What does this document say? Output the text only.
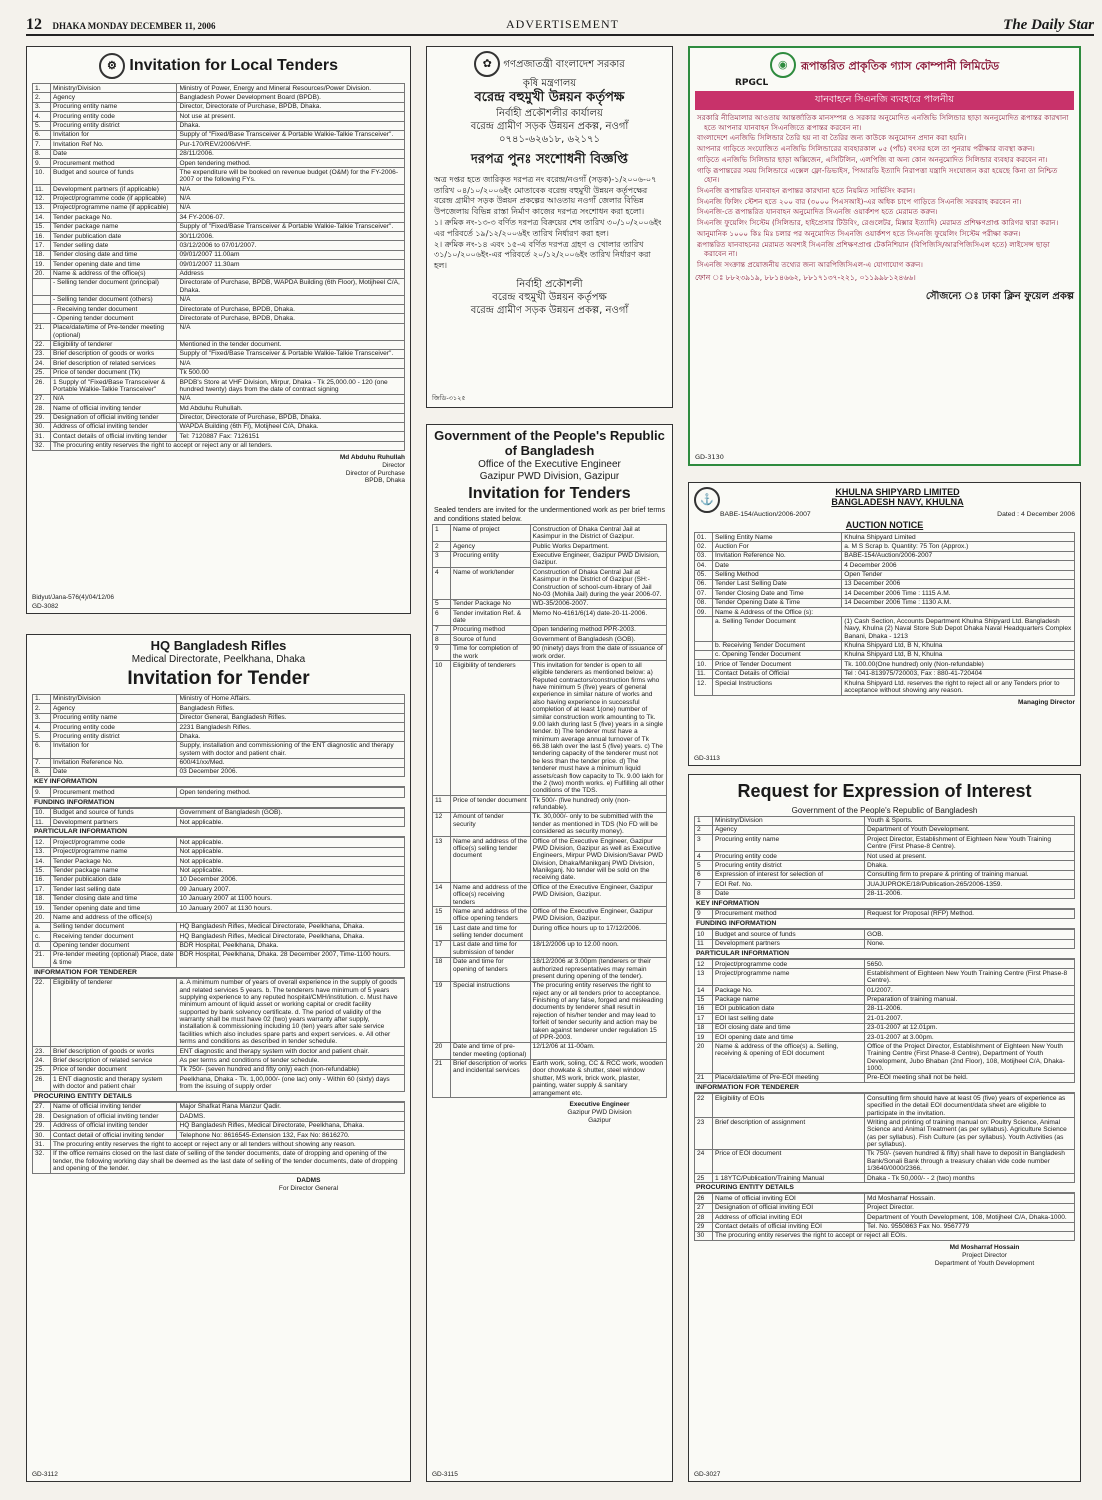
12 DHAKA MONDAY DECEMBER 11, 2006	ADVERTISEMENT	The Daily Star
⚙ Invitation for Local Tenders
1.	Ministry/Division	Ministry of Power, Energy and Mineral Resources/Power Division.
2.	Agency	Bangladesh Power Development Board (BPDB).
3.	Procuring entity name	Director, Directorate of Purchase, BPDB, Dhaka.
4.	Procuring entity code	Not use at present.
5.	Procuring entity district	Dhaka.
6.	Invitation for	Supply of "Fixed/Base Transceiver & Portable Walkie-Talkie Transceiver".
7.	Invitation Ref No.	Pur-170/REV/2006/VHF.
8.	Date	28/11/2006.
9.	Procurement method	Open tendering method.
10.	Budget and source of funds	The expenditure will be booked on revenue budget (O&M) for the FY-2006-2007 or the following FYs.
11.	Development partners (if applicable)	N/A
12.	Project/programme code (if applicable)	N/A
13.	Project/programme name (if applicable)	N/A
14.	Tender package No.	34 FY-2006-07.
15.	Tender package name	Supply of "Fixed/Base Transceiver & Portable Walkie-Talkie Transceiver".
16.	Tender publication date	30/11/2006.
17.	Tender selling date	03/12/2006 to 07/01/2007.
18.	Tender closing date and time	09/01/2007 11.00am
19.	Tender opening date and time	09/01/2007 11.30am
20.	Name & address of the office(s)	Address
	- Selling tender document (principal)	Directorate of Purchase, BPDB, WAPDA Building (6th Floor), Motijheel C/A, Dhaka.
	- Selling tender document (others)	N/A
	- Receiving tender document	Directorate of Purchase, BPDB, Dhaka.
	- Opening tender document	Directorate of Purchase, BPDB, Dhaka.
21.	Place/date/time of Pre-tender meeting (optional)	N/A
22.	Eligibility of tenderer	Mentioned in the tender document.
23.	Brief description of goods or works	Supply of "Fixed/Base Transceiver & Portable Walkie-Talkie Transceiver".
24.	Brief description of related services	N/A
25.	Price of tender document (Tk)	Tk 500.00
26.	1 Supply of "Fixed/Base Transceiver & Portable Walkie-Talkie Transceiver"	BPDB's Store at VHF Division, Mirpur, Dhaka - Tk 25,000.00 - 120 (one hundred twenty) days from the date of contract signing
27.	N/A	N/A
28.	Name of official inviting tender	Md Abduhu Ruhullah.
29.	Designation of official inviting tender	Director, Directorate of Purchase, BPDB, Dhaka.
30.	Address of official inviting tender	WAPDA Building (6th Fl), Motijheel C/A, Dhaka.
31.	Contact details of official inviting tender	Tel: 7120887 Fax: 7126151
32.	The procuring entity reserves the right to accept or reject any or all tenders.	
Md Abduhu Ruhullah
Director
Director of Purchase
BPDB, Dhaka
Bidyut/Jana-576(4)/04/12/06
GD-3082
HQ Bangladesh Rifles
Medical Directorate, Peelkhana, Dhaka
Invitation for Tender
1.	Ministry/Division	Ministry of Home Affairs.
2.	Agency	Bangladesh Rifles.
3.	Procuring entity name	Director General, Bangladesh Rifles.
4.	Procuring entity code	2231 Bangladesh Rifles.
5.	Procuring entity district	Dhaka.
6.	Invitation for	Supply, installation and commissioning of the ENT diagnostic and therapy system with doctor and patient chair.
7.	Invitation Reference No.	600/41/xx/Med.
8.	Date	03 December 2006.
KEY INFORMATION
9.	Procurement method	Open tendering method.
FUNDING INFORMATION
10.	Budget and source of funds	Government of Bangladesh (GOB).
11.	Development partners	Not applicable.
PARTICULAR INFORMATION
12.	Project/programme code	Not applicable.
13.	Project/programme name	Not applicable.
14.	Tender Package No.	Not applicable.
15.	Tender package name	Not applicable.
16.	Tender publication date	10 December 2006.
17.	Tender last selling date	09 January 2007.
18.	Tender closing date and time	10 January 2007 at 1100 hours.
19.	Tender opening date and time	10 January 2007 at 1130 hours.
20.	Name and address of the office(s)	
a.	Selling tender document	HQ Bangladesh Rifles, Medical Directorate, Peelkhana, Dhaka.
c.	Receiving tender document	HQ Bangladesh Rifles, Medical Directorate, Peelkhana, Dhaka.
d.	Opening tender document	BDR Hospital, Peelkhana, Dhaka.
21.	Pre-tender meeting (optional) Place, date & time	BDR Hospital, Peelkhana, Dhaka. 28 December 2007, Time-1100 hours.
INFORMATION FOR TENDERER
22.	Eligibility of tenderer	a. A minimum number of years of overall experience in the supply of goods and related services 5 years. b. The tenderers have minimum of 5 years supplying experience to any reputed hospital/CMH/institution. c. Must have minimum amount of liquid asset or working capital or credit facility supported by bank solvency certificate. d. The period of validity of the warranty shall be must have 02 (two) years warranty after supply, installation & commissioning including 10 (ten) years after sale service facilities which also includes spare parts and expert services. e. All other terms and conditions as described in tender schedule.
23.	Brief description of goods or works	ENT diagnostic and therapy system with doctor and patient chair.
24.	Brief description of related service	As per terms and conditions of tender schedule.
25.	Price of tender document	Tk 750/- (seven hundred and fifty only) each (non-refundable)
26.	1 ENT diagnostic and therapy system with doctor and patient chair	Peelkhana, Dhaka - Tk. 1,00,000/- (one lac) only - Within 60 (sixty) days from the issuing of supply order
PROCURING ENTITY DETAILS
27.	Name of official inviting tender	Major Shafkat Rana Manzur Qadir.
28.	Designation of official inviting tender	DADMS.
29.	Address of official inviting tender	HQ Bangladesh Rifles, Medical Directorate, Peelkhana, Dhaka.
30.	Contact detail of official inviting tender	Telephone No: 8616545-Extension 132, Fax No: 8616270.
31.	The procuring entity reserves the right to accept or reject any or all tenders without showing any reason.	
32.	If the office remains closed on the last date of selling of the tender documents, date of dropping and opening of the tender, the following working day shall be deemed as the last date of selling of the tender documents, date of dropping and opening of the tender.	
DADMS
For Director General
GD-3112
✿ গণপ্রজাতন্ত্রী বাংলাদেশ সরকার
কৃষি মন্ত্রণালয়
বরেন্দ্র বহুমুখী উন্নয়ন কর্তৃপক্ষ
নির্বাহী প্রকৌশলীর কার্যালয়
বরেন্দ্র গ্রামীণ সড়ক উন্নয়ন প্রকল্প, নওগাঁ
০৭৪১-৬২৬১৮, ৬২১৭১
দরপত্র পুনঃ সংশোধনী বিজ্ঞপ্তি
অত্র দপ্তর হতে জারিকৃত দরপত্র নং বরেন্দ্র/নওগাঁ (সড়ক)-১/২০০৬-০৭ তারিখ ০৪/১০/২০০৬ইং মোতাবেক বরেন্দ্র বহুমুখী উন্নয়ন কর্তৃপক্ষের বরেন্দ্র গ্রামীণ সড়ক উন্নয়ন প্রকল্পের আওতায় নওগাঁ জেলার বিভিন্ন উপজেলায় বিভিন্ন রাস্তা নির্মাণ কাজের দরপত্র সংশোধন করা হলো।
১। ক্রমিক নং-১৩-৩ বর্ণিত দরপত্র বিক্রয়ের শেষ তারিখ ৩০/১০/২০০৬ইং এর পরিবর্তে ১৯/১২/২০০৬ইং তারিখ নির্ধারণ করা হল।
২। ক্রমিক নং-১৪ এবং ১৫-এ বর্ণিত দরপত্র গ্রহণ ও খোলার তারিখ ৩১/১০/২০০৬ইং-এর পরিবর্তে ২০/১২/২০০৬ইং তারিখ নির্ধারণ করা হল।
নির্বাহী প্রকৌশলী
বরেন্দ্র বহুমুখী উন্নয়ন কর্তৃপক্ষ
বরেন্দ্র গ্রামীণ সড়ক উন্নয়ন প্রকল্প, নওগাঁ
জিডি-৩১২৫
Government of the People's Republic of Bangladesh
Office of the Executive Engineer
Gazipur PWD Division, Gazipur
Invitation for Tenders
Sealed tenders are invited for the undermentioned work as per brief terms and conditions stated below.
1	Name of project	Construction of Dhaka Central Jail at Kasimpur in the District of Gazipur.
2	Agency	Public Works Department.
3	Procuring entity	Executive Engineer, Gazipur PWD Division, Gazipur.
4	Name of work/tender	Construction of Dhaka Central Jail at Kasimpur in the District of Gazipur (SH:- Construction of school-cum-library of Jail No-03 (Mohila Jail) during the year 2006-07.
5	Tender Package No	WD-35/2006-2007.
6	Tender invitation Ref. & date	Memo No-4161/6(14) date-20-11-2006.
7	Procuring method	Open tendering method PPR-2003.
8	Source of fund	Government of Bangladesh (GOB).
9	Time for completion of the work	90 (ninety) days from the date of issuance of work order.
10	Eligibility of tenderers	This invitation for tender is open to all eligible tenderers as mentioned below: a) Reputed contractors/construction firms who have minimum 5 (five) years of general experience in similar nature of works and also having experience in successful completion of at least 1(one) number of similar construction work amounting to Tk. 9.00 lakh during last 5 (five) years in a single tender. b) The tenderer must have a minimum average annual turnover of Tk 66.38 lakh over the last 5 (five) years. c) The tendering capacity of the tenderer must not be less than the tender price. d) The tenderer must have a minimum liquid assets/cash flow capacity to Tk. 9.00 lakh for the 2 (two) month works. e) Fulfilling all other conditions of the TDS.
11	Price of tender document	Tk 500/- (five hundred) only (non-refundable).
12	Amount of tender security	Tk. 30,000/- only to be submitted with the tender as mentioned in TDS (No FD will be considered as security money).
13	Name and address of the office(s) selling tender document	Office of the Executive Engineer, Gazipur PWD Division, Gazipur as well as Executive Engineers, Mirpur PWD Division/Savar PWD Division, Dhaka/Manikganj PWD Division, Manikganj. No tender will be sold on the receiving date.
14	Name and address of the office(s) receiving tenders	Office of the Executive Engineer, Gazipur PWD Division, Gazipur.
15	Name and address of the office opening tenders	Office of the Executive Engineer, Gazipur PWD Division, Gazipur.
16	Last date and time for selling tender document	During office hours up to 17/12/2006.
17	Last date and time for submission of tender	18/12/2006 up to 12.00 noon.
18	Date and time for opening of tenders	18/12/2006 at 3.00pm (tenderers or their authorized representatives may remain present during opening of the tender).
19	Special instructions	The procuring entity reserves the right to reject any or all tenders prior to acceptance. Finishing of any false, forged and misleading documents by tenderer shall result in rejection of his/her tender and may lead to forfeit of tender security and action may be taken against tenderer under regulation 15 of PPR-2003.
20	Date and time of pre-tender meeting (optional)	12/12/06 at 11-00am.
21	Brief description of works and incidental services	Earth work, soling, CC & RCC work, wooden door chowkate & shutter, steel window shutter, MS work, brick work, plaster, painting, water supply & sanitary arrangement etc.
Executive Engineer
Gazipur PWD Division
Gazipur
GD-3115
◉ রূপান্তরিত প্রাকৃতিক গ্যাস কোম্পানী লিমিটেড
RPGCL
যানবাহনে সিএনজি ব্যবহারে পালনীয়
সরকারি নীতিমালার আওতায় আন্তর্জাতিক মানসম্পন্ন ও সরকার অনুমোদিত এনজিভি সিলিন্ডার ছাড়া অননুমোদিত রূপান্তর কারখানা হতে আপনার যানবাহন সিএনজিতে রূপান্তর করবেন না।
বাংলাদেশে এনজিভি সিলিন্ডার তৈরি হয় না বা তৈরির জন্য কাউকে অনুমোদন প্রদান করা হয়নি।
আপনার গাড়িতে সংযোজিত এনজিভি সিলিন্ডারের ব্যবহারকাল ০৫ (পাঁচ) বৎসর হলে তা পুনরায় পরীক্ষার ব্যবস্থা করুন।
গাড়িতে এনজিভি সিলিন্ডার ছাড়া অক্সিজেন, এসিটিলিন, এলপিজি বা অন্য কোন অননুমোদিত সিলিন্ডার ব্যবহার করবেন না।
গাড়ি রূপান্তরের সময় সিলিন্ডারে এক্সেল ফ্লো-ডিভাইস, পিআরডি ইত্যাদি নিরাপত্তা যন্ত্রাদি সংযোজন করা হয়েছে কিনা তা নিশ্চিত হোন।
সিএনজি রূপান্তরিত যানবাহন রূপান্তর কারখানা হতে নিয়মিত সার্ভিসিং করান।
সিএনজি ফিলিং স্টেশন হতে ২০০ বার (৩০০০ পিএসআই)-এর অধিক চাপে গাড়িতে সিএনজি সরবরাহ করবেন না।
সিএনজি-তে রূপান্তরিত যানবাহন অনুমোদিত সিএনজি ওয়ার্কশপ হতে মেরামত করুন।
সিএনজি ফুয়েলিং সিস্টেম (সিলিন্ডার, হাইপ্রেসার টিউবিং, রেগুলেটর, মিক্সার ইত্যাদি) মেরামত প্রশিক্ষণপ্রাপ্ত কারিগর দ্বারা করান।
আনুমানিক ১০০০ কিঃ মিঃ চলার পর অনুমোদিত সিএনজি ওয়ার্কশপ হতে সিএনজি ফুয়েলিং সিস্টেম পরীক্ষা করুন।
রূপান্তরিত যানবাহনের মেরামত অবশ্যই সিএনজি প্রশিক্ষণপ্রাপ্ত টেকনিশিয়ান (বিপিজিসি/আরপিজিসিএল হতে) লাইসেন্স ছাড়া করাবেন না।
সিএনজি সংক্রান্ত প্রয়োজনীয় তথ্যের জন্য আরপিজিসিএল-এ যোগাযোগ করুন।
ফোন ঃ ৮৮২৩৯১৯, ৮৮১৪৬৬২, ৮৮১৭১৩৭-২২১, ০১১৯৯৮১২৪৬৬।
সৌজন্যে ঃ ঢাকা ক্লিন ফুয়েল প্রকল্প
GD-3130
⚓
KHULNA SHIPYARD LIMITED
BANGLADESH NAVY, KHULNA
BABE-154/Auction/2006-2007	Dated : 4 December 2006
AUCTION NOTICE
01.	Selling Entity Name	Khulna Shipyard Limited
02.	Auction For	a. M S Scrap b. Quantity: 75 Ton (Approx.)
03.	Invitation Reference No.	BABE-154/Auction/2006-2007
04.	Date	4 December 2006
05.	Selling Method	Open Tender
06.	Tender Last Selling Date	13 December 2006
07.	Tender Closing Date and Time	14 December 2006 Time : 1115 A.M.
08.	Tender Opening Date & Time	14 December 2006 Time : 1130 A.M.
09.	Name & Address of the Office (s):	
	a. Selling Tender Document	(1) Cash Section, Accounts Department Khulna Shipyard Ltd. Bangladesh Navy, Khulna (2) Naval Store Sub Depot Dhaka Naval Headquarters Complex Banani, Dhaka - 1213
	b. Receiving Tender Document	Khulna Shipyard Ltd, B N, Khulna
	c. Opening Tender Document	Khulna Shipyard Ltd, B N, Khulna
10.	Price of Tender Document	Tk. 100.00(One hundred) only (Non-refundable)
11.	Contact Details of Official	Tel : 041-813975/720003, Fax : 880-41-720404
12.	Special Instructions	Khulna Shipyard Ltd. reserves the right to reject all or any Tenders prior to acceptance without showing any reason.
Managing Director
GD-3113
Request for Expression of Interest
Government of the People's Republic of Bangladesh
1	Ministry/Division	Youth & Sports.
2	Agency	Department of Youth Development.
3	Procuring entity name	Project Director, Establishment of Eighteen New Youth Training Centre (First Phase-8 Centre).
4	Procuring entity code	Not used at present.
5	Procuring entity district	Dhaka.
6	Expression of interest for selection of	Consulting firm to prepare & printing of training manual.
7	EOI Ref. No.	JUAJUPROKE/18/Publication-265/2006-1359.
8	Date	28-11-2006.
KEY INFORMATION
9	Procurement method	Request for Proposal (RFP) Method.
FUNDING INFORMATION
10	Budget and source of funds	GOB.
11	Development partners	None.
PARTICULAR INFORMATION
12	Project/programme code	5650.
13	Project/programme name	Establishment of Eighteen New Youth Training Centre (First Phase-8 Centre).
14	Package No.	01/2007.
15	Package name	Preparation of training manual.
16	EOI publication date	28-11-2006.
17	EOI last selling date	21-01-2007.
18	EOI closing date and time	23-01-2007 at 12.01pm.
19	EOI opening date and time	23-01-2007 at 3.00pm.
20	Name & address of the office(s) a. Selling, receiving & opening of EOI document	Office of the Project Director, Establishment of Eighteen New Youth Training Centre (First Phase-8 Centre), Department of Youth Development, Jubo Bhaban (2nd Floor), 108, Motijheel C/A, Dhaka-1000.
21	Place/date/time of Pre-EOI meeting	Pre-EOI meeting shall not be held.
INFORMATION FOR TENDERER
22	Eligibility of EOIs	Consulting firm should have at least 05 (five) years of experience as specified in the detail EOI document/data sheet are eligible to participate in the invitation.
23	Brief description of assignment	Writing and printing of training manual on: Poultry Science, Animal Science and Animal Treatment (as per syllabus). Agriculture Science (as per syllabus). Fish Culture (as per syllabus). Youth Activities (as per syllabus).
24	Price of EOI document	Tk 750/- (seven hundred & fifty) shall have to deposit in Bangladesh Bank/Sonali Bank through a treasury chalan vide code number 1/3640/0000/2366.
25	1 18YTC/Publication/Training Manual	Dhaka - Tk 50,000/- - 2 (two) months
PROCURING ENTITY DETAILS
26	Name of official inviting EOI	Md Mosharraf Hossain.
27	Designation of official inviting EOI	Project Director.
28	Address of official inviting EOI	Department of Youth Development, 108, Motijheel C/A, Dhaka-1000.
29	Contact details of official inviting EOI	Tel. No. 9550863 Fax No. 9567779
30	The procuring entity reserves the right to accept or reject all EOIs.	
Md Mosharraf Hossain
Project Director
Department of Youth Development
GD-3027
